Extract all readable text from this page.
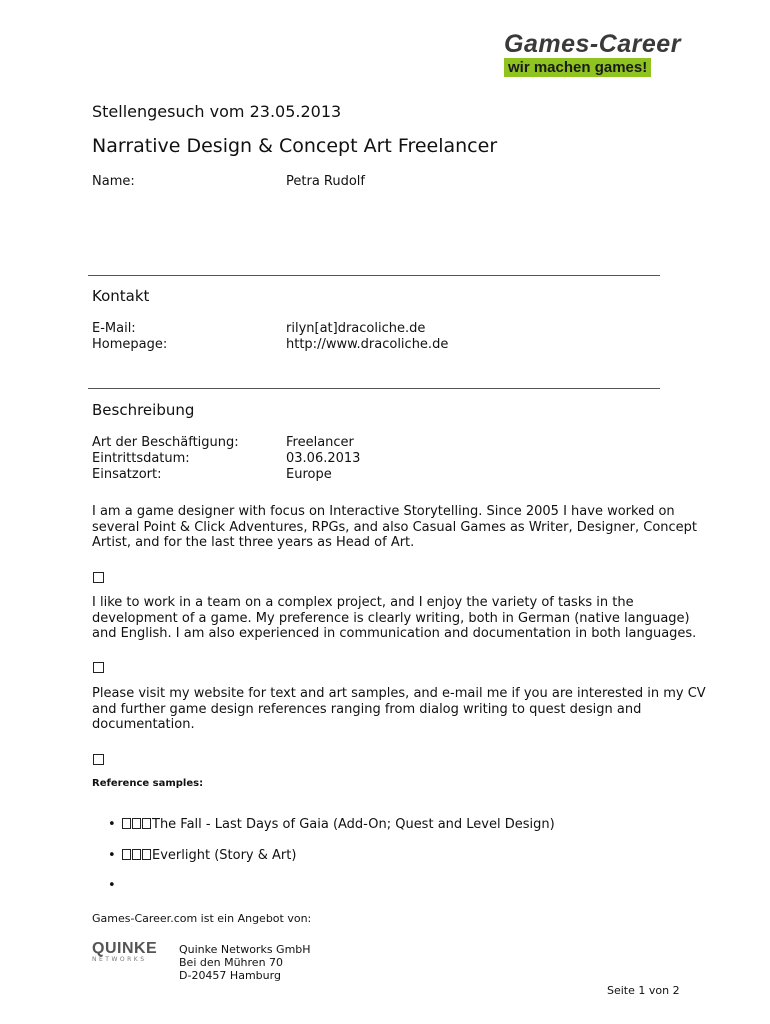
Games-Career
wir machen games!
Stellengesuch vom 23.05.2013
Narrative Design & Concept Art Freelancer
Name:	Petra Rudolf
Kontakt
E-Mail:	rilyn[at]dracoliche.de
Homepage:	http://www.dracoliche.de
Beschreibung
Art der Beschäftigung:	Freelancer
Eintrittsdatum:	03.06.2013
Einsatzort:	Europe
I am a game designer with focus on Interactive Storytelling. Since 2005 I have worked on several Point & Click Adventures, RPGs, and also Casual Games as Writer, Designer, Concept Artist, and for the last three years as Head of Art.
I like to work in a team on a complex project, and I enjoy the variety of tasks in the development of a game. My preference is clearly writing, both in German (native language) and English. I am also experienced in communication and documentation in both languages.
Please visit my website for text and art samples, and e-mail me if you are interested in my CV and further game design references ranging from dialog writing to quest design and documentation.
Reference samples:
•	The Fall - Last Days of Gaia (Add-On; Quest and Level Design)
•	Everlight (Story & Art)
•
Games-Career.com ist ein Angebot von:
QUINKE
NETWORKS
Quinke Networks GmbH
Bei den Mühren 70
D-20457 Hamburg
Seite 1 von 2
